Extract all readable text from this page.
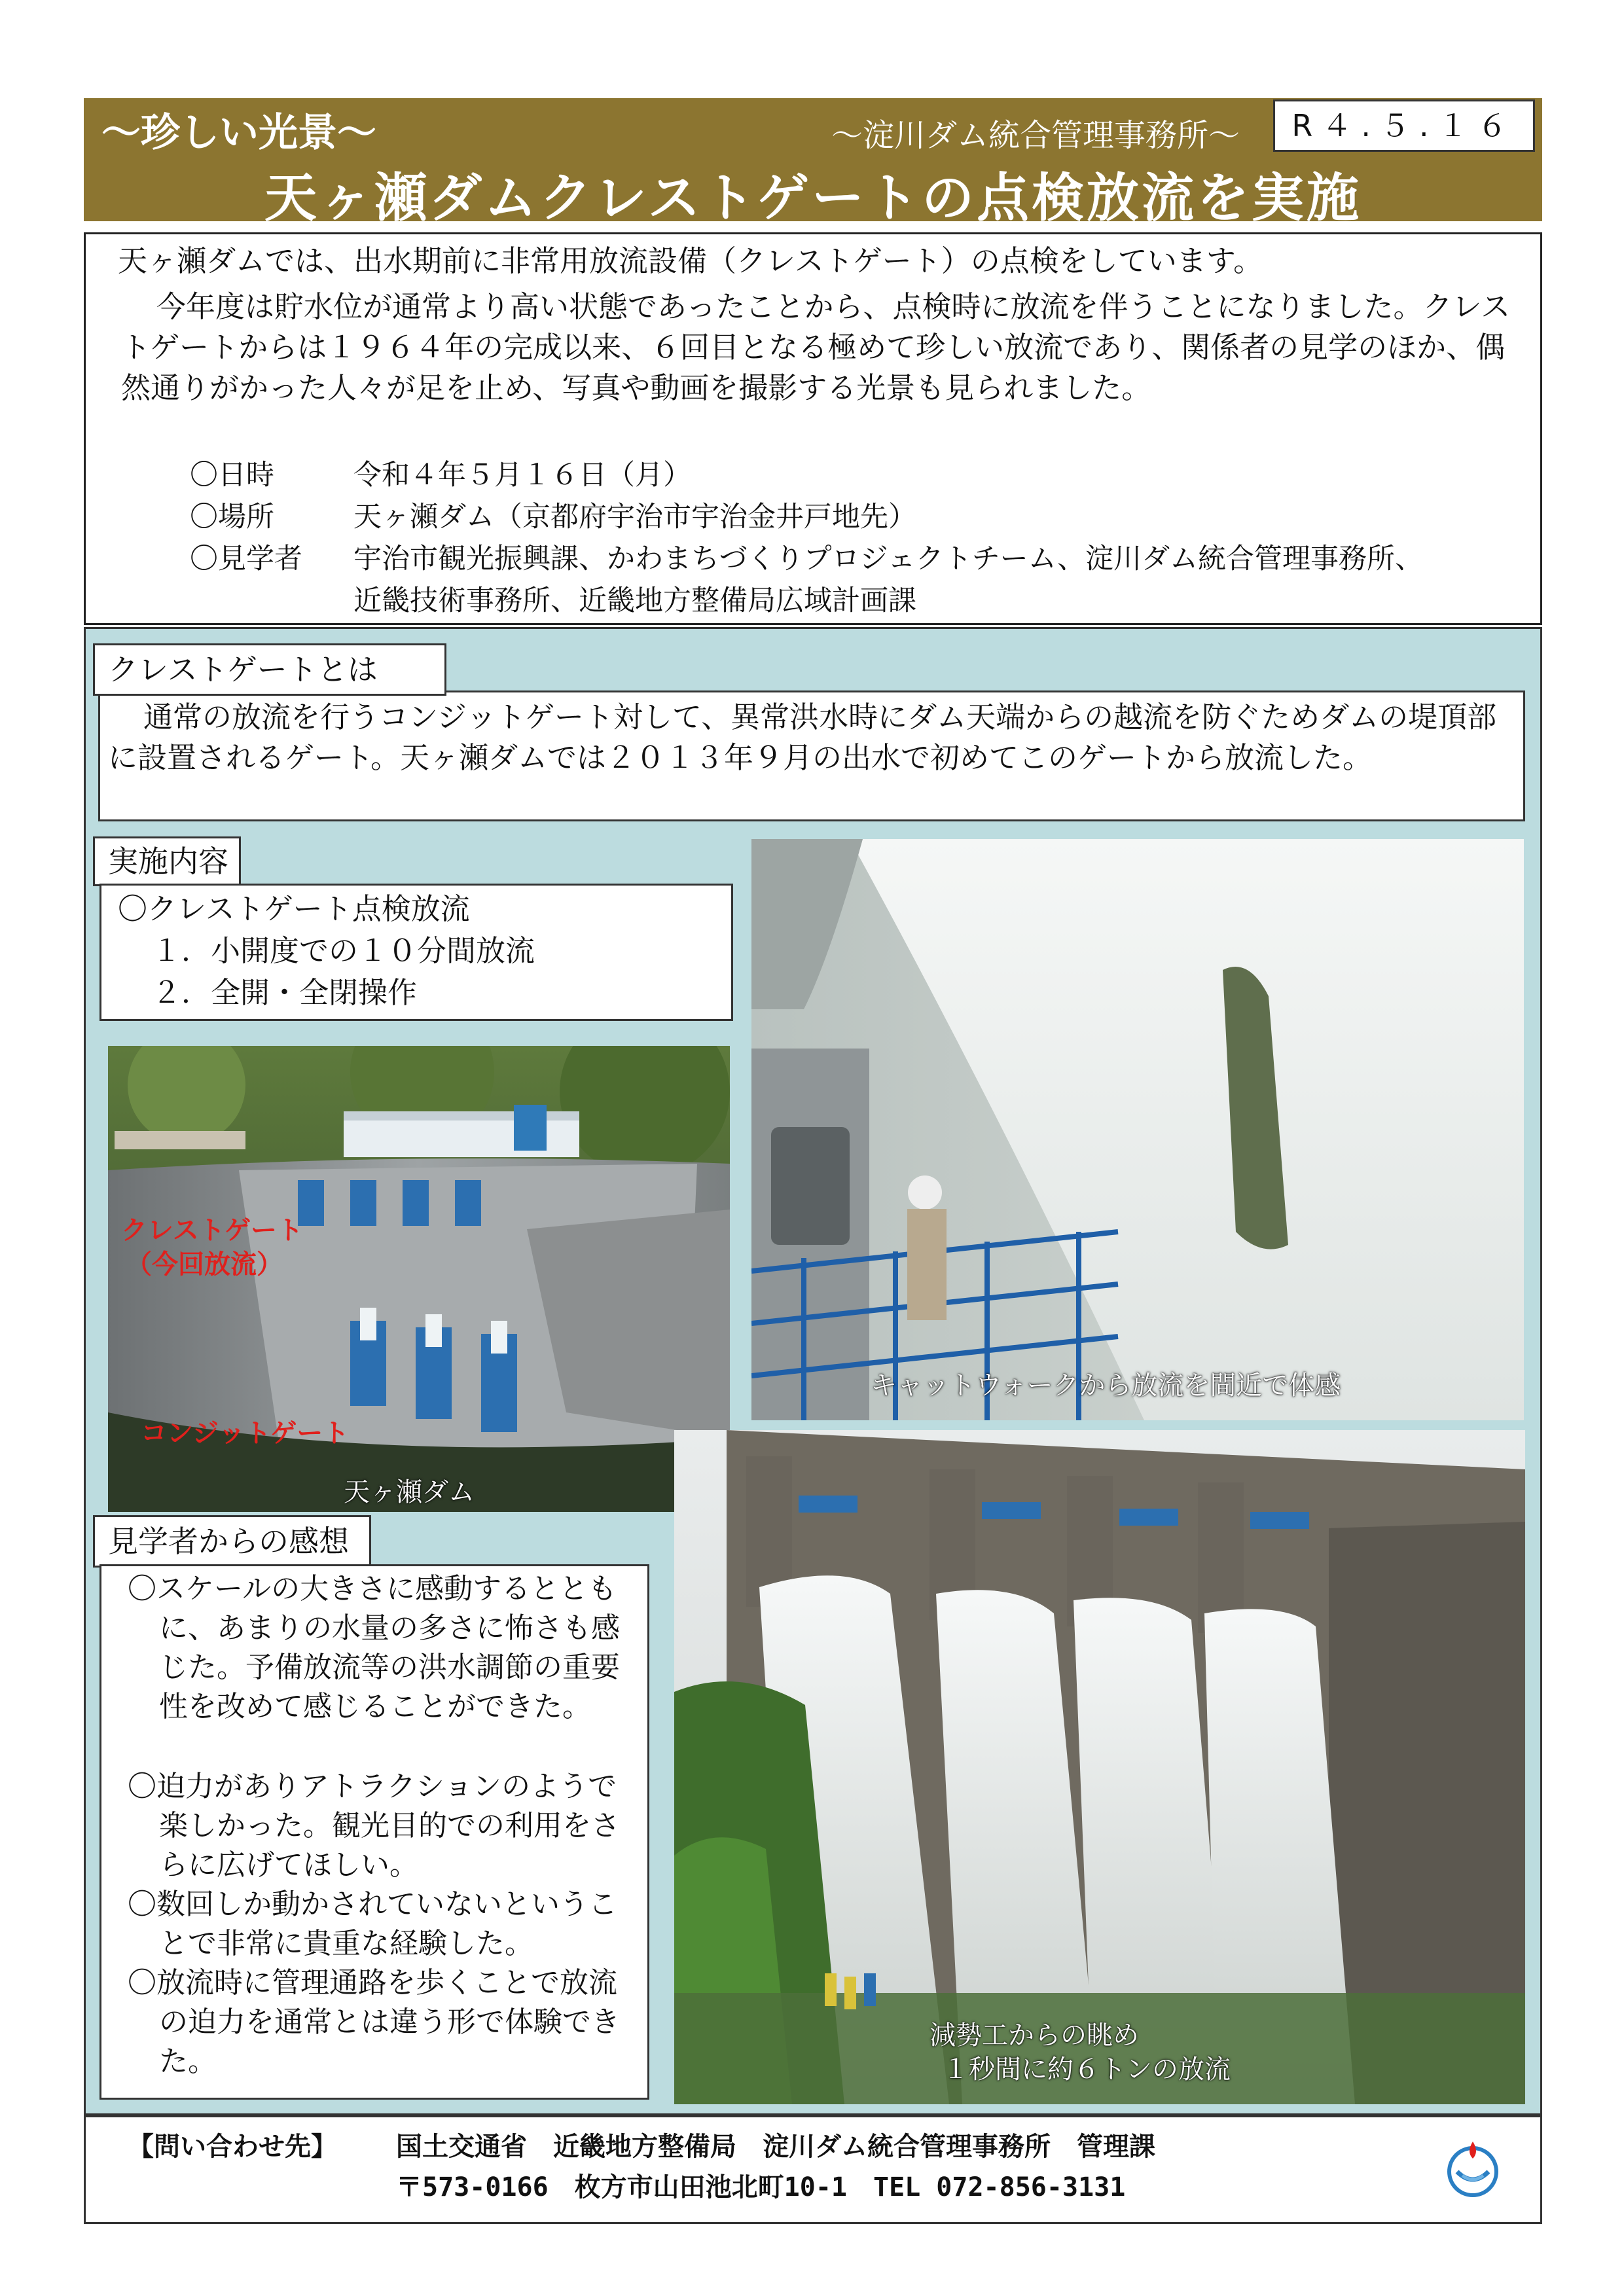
～珍しい光景～	～淀川ダム統合管理事務所～	R４.５.１６
天ヶ瀬ダムクレストゲートの点検放流を実施
天ヶ瀬ダムでは、出水期前に非常用放流設備（クレストゲート）の点検をしています。
今年度は貯水位が通常より高い状態であったことから、点検時に放流を伴うことになりました。クレストゲートからは１９６４年の完成以来、６回目となる極めて珍しい放流であり、関係者の見学のほか、偶然通りがかった人々が足を止め、写真や動画を撮影する光景も見られました。
〇日時	令和４年５月１６日（月）
〇場所	天ヶ瀬ダム（京都府宇治市宇治金井戸地先）
〇見学者 宇治市観光振興課、かわまちづくりプロジェクトチーム、淀川ダム統合管理事務所、
近畿技術事務所、近畿地方整備局広域計画課
クレストゲートとは
通常の放流を行うコンジットゲート対して、異常洪水時にダム天端からの越流を防ぐためダムの堤頂部に設置されるゲート。天ヶ瀬ダムでは２０１３年９月の出水で初めてこのゲートから放流した。
実施内容
〇クレストゲート点検放流
１．小開度での１０分間放流
２．全開・全閉操作
クレストゲート
（今回放流）
コンジットゲート
天ヶ瀬ダム
キャットウォークから放流を間近で体感
見学者からの感想
〇スケールの大きさに感動するとともに、あまりの水量の多さに怖さも感じた。予備放流等の洪水調節の重要性を改めて感じることができた。
〇迫力がありアトラクションのようで楽しかった。観光目的での利用をさらに広げてほしい。
〇数回しか動かされていないということで非常に貴重な経験した。
〇放流時に管理通路を歩くことで放流の迫力を通常とは違う形で体験できた。
減勢工からの眺め
１秒間に約６トンの放流
【問い合わせ先】 国土交通省　近畿地方整備局　淀川ダム統合管理事務所　管理課
〒573-0166　枚方市山田池北町10-1　TEL 072-856-3131
